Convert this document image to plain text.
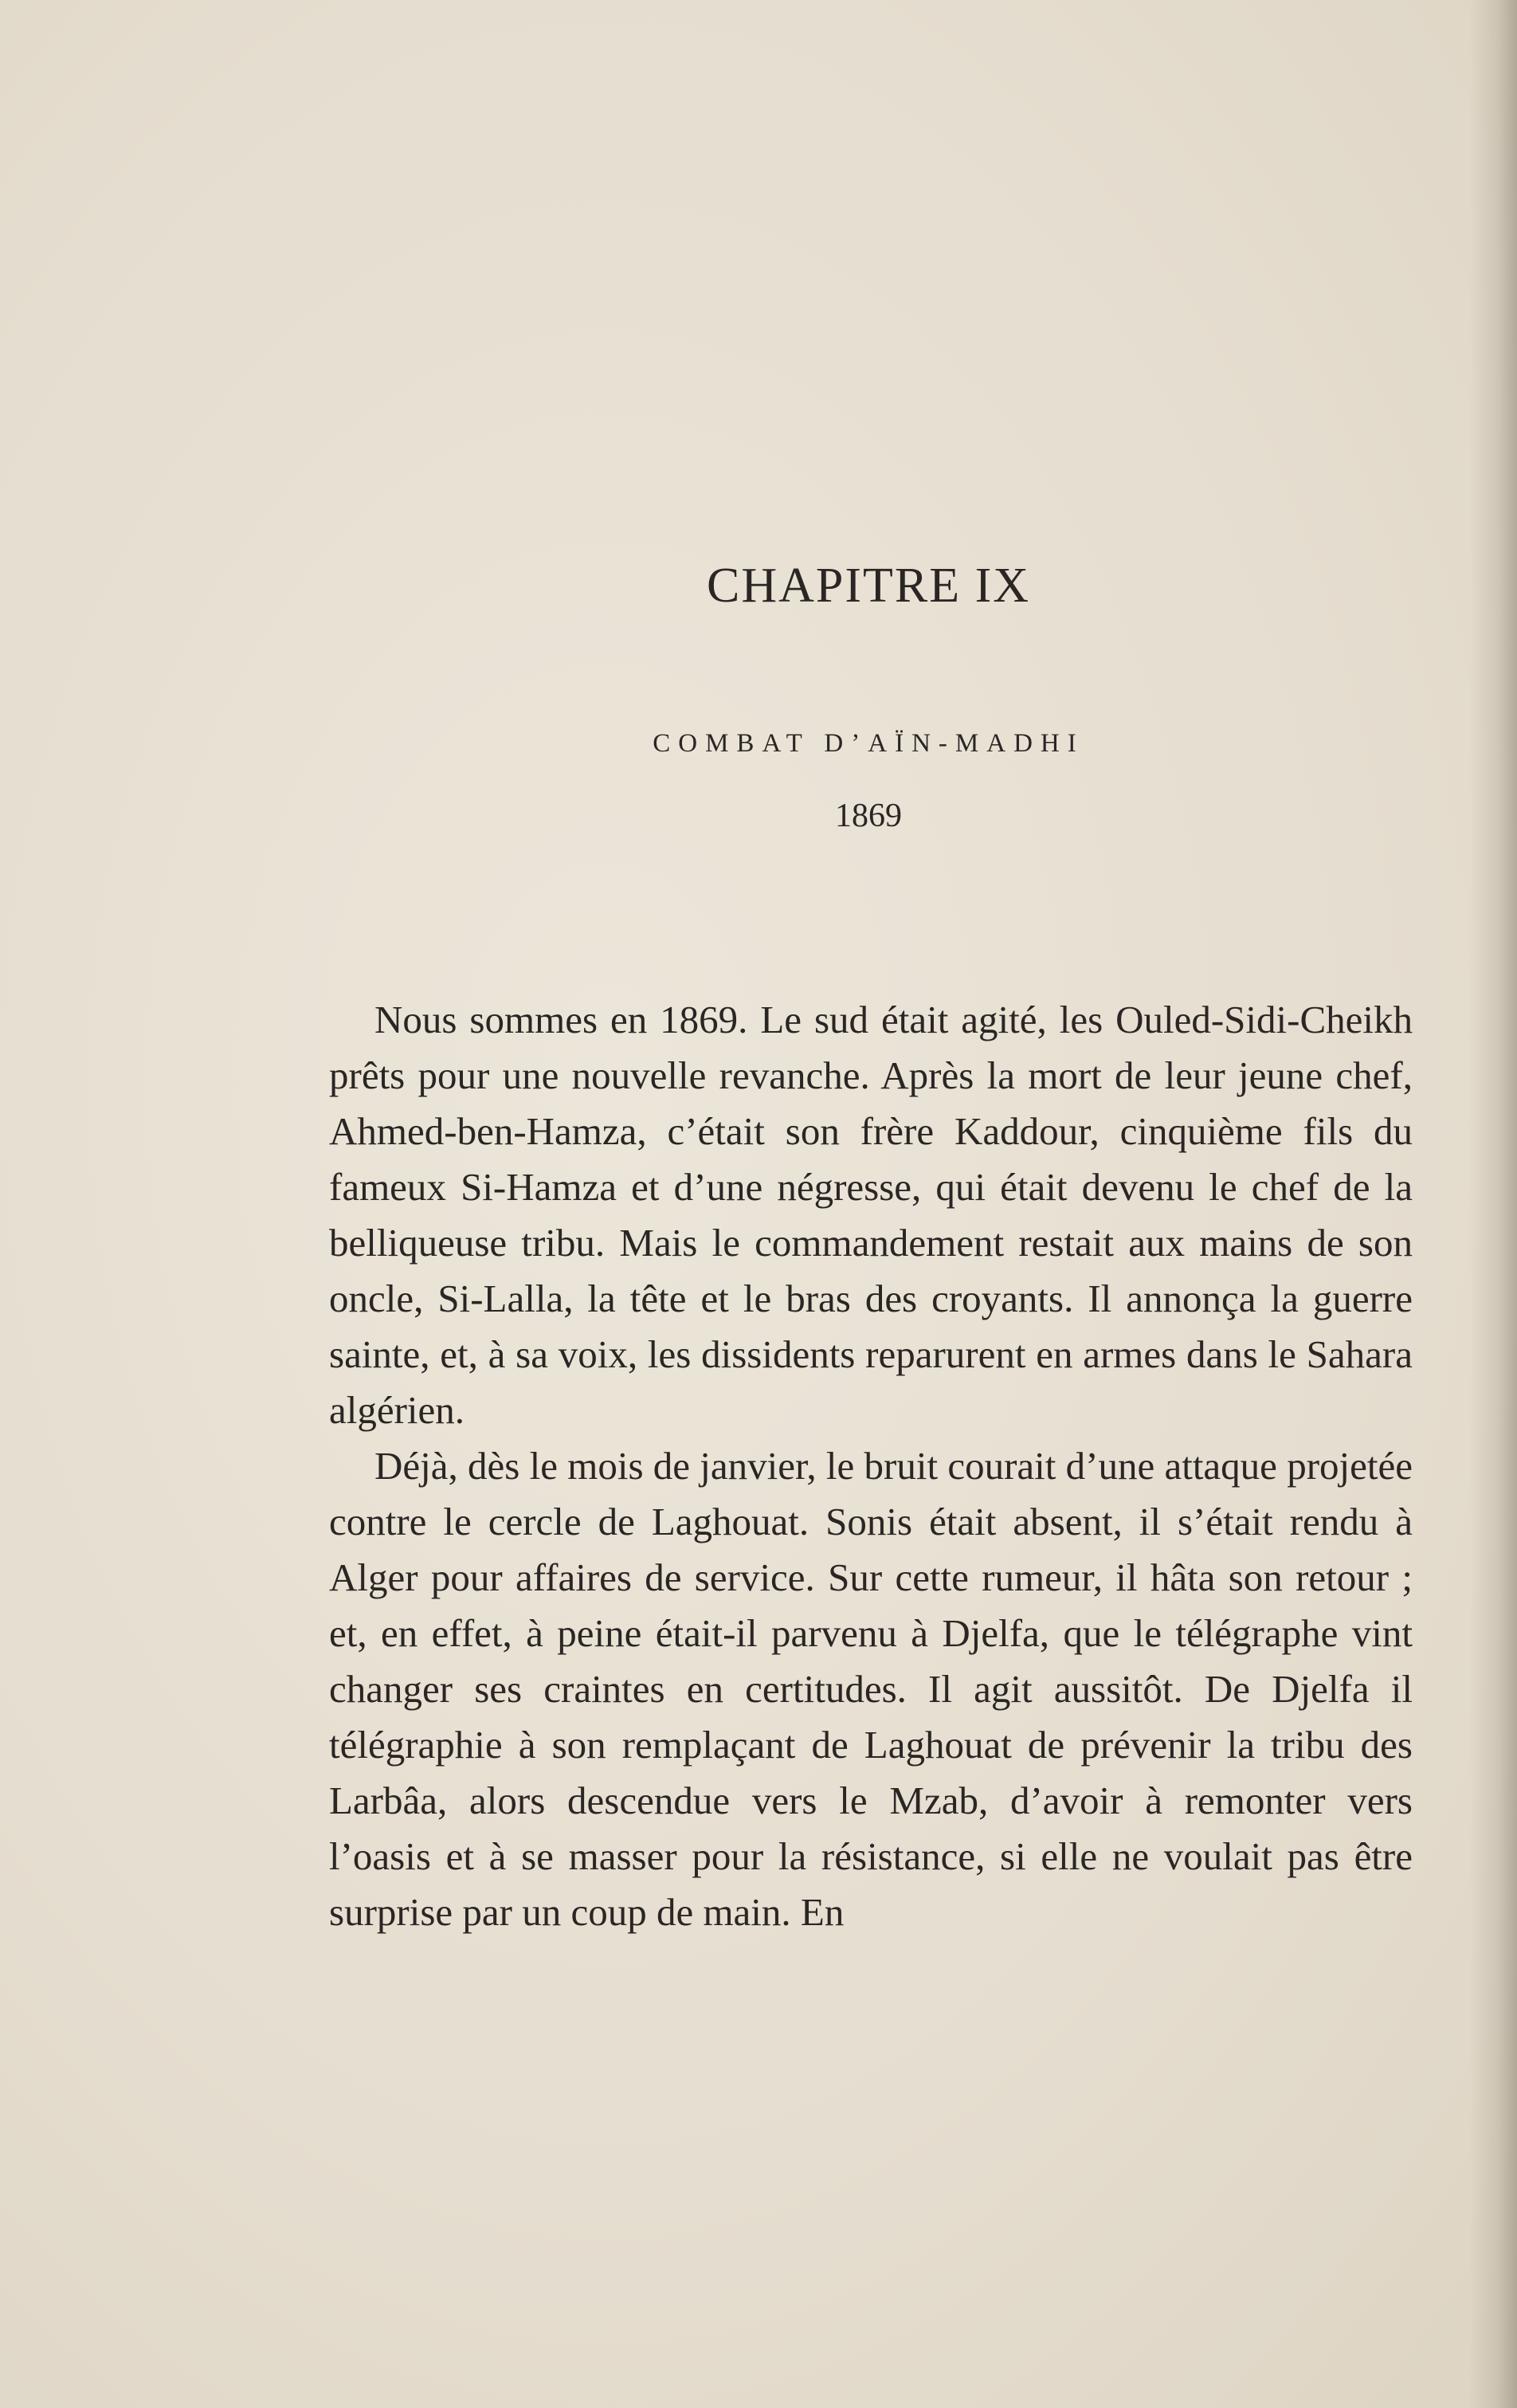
CHAPITRE IX
COMBAT D’AÏN-MADHI
1869

Nous sommes en 1869. Le sud était agité, les Ouled-Sidi-Cheikh prêts pour une nouvelle revanche. Après la mort de leur jeune chef, Ahmed-ben-Hamza, c’était son frère Kaddour, cinquième fils du fameux Si-Hamza et d’une négresse, qui était devenu le chef de la belliqueuse tribu. Mais le commandement restait aux mains de son oncle, Si-Lalla, la tête et le bras des croyants. Il annonça la guerre sainte, et, à sa voix, les dissidents reparurent en armes dans le Sahara algérien.

Déjà, dès le mois de janvier, le bruit courait d’une attaque projetée contre le cercle de Laghouat. Sonis était absent, il s’était rendu à Alger pour affaires de service. Sur cette rumeur, il hâta son retour ; et, en effet, à peine était-il parvenu à Djelfa, que le télégraphe vint changer ses craintes en certitudes. Il agit aussitôt. De Djelfa il télégraphie à son remplaçant de Laghouat de prévenir la tribu des Larbâa, alors descendue vers le Mzab, d’avoir à remonter vers l’oasis et à se masser pour la résistance, si elle ne voulait pas être surprise par un coup de main. En
